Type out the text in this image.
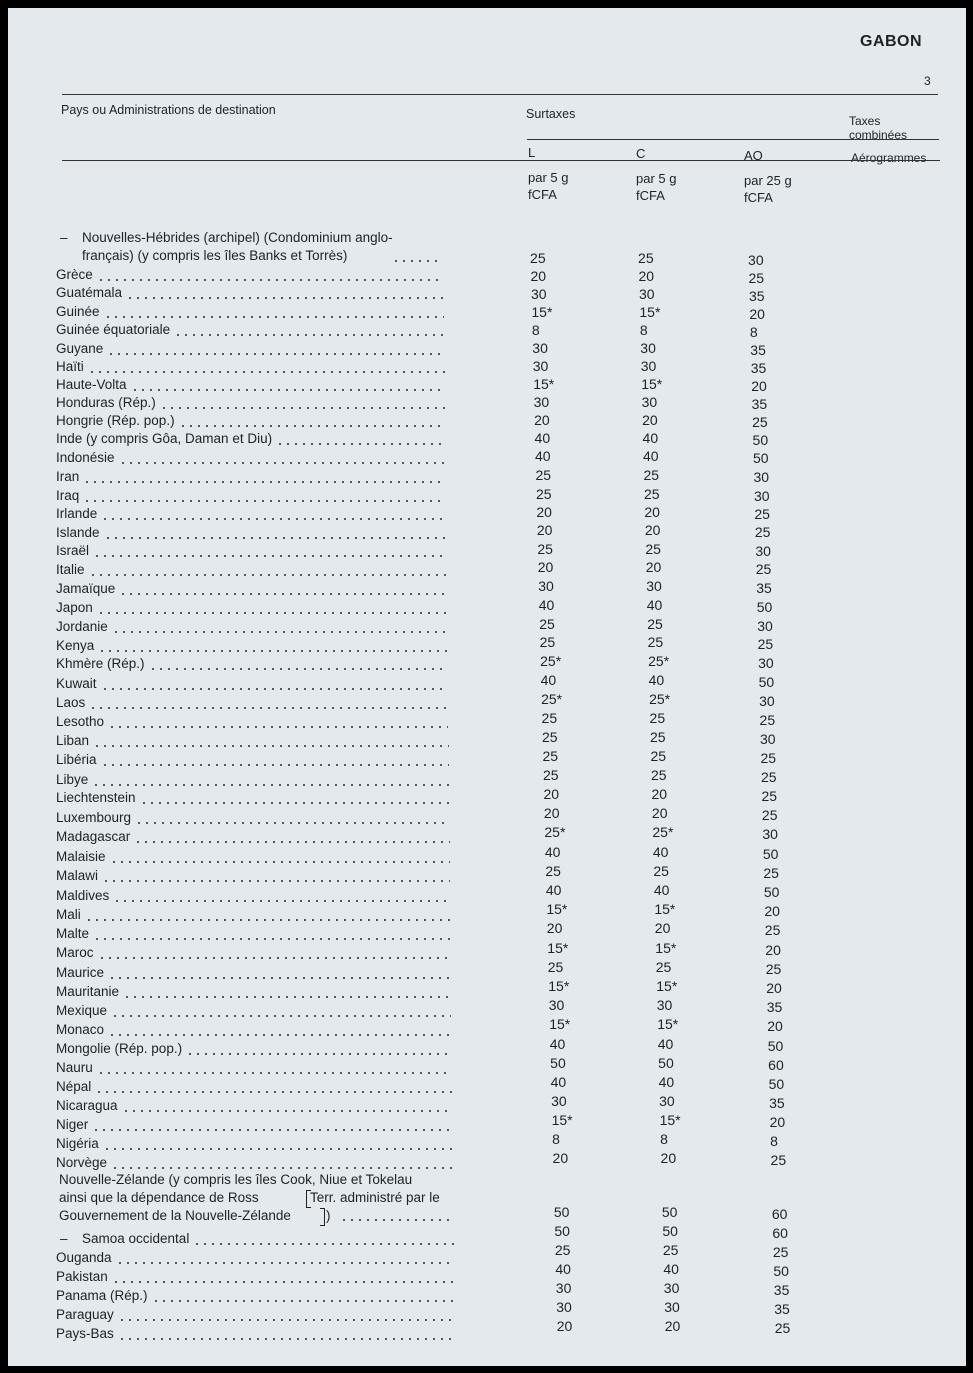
GABON
3
Pays ou Administrations de destination	Surtaxes	Taxes combinées
L	C	AO	Aérogrammes
par 5 g
fCFA
par 5 g
fCFA
par 25 g
fCFA
– Nouvelles-Hébrides (archipel) (Condominium anglo-
français) (y compris les îles Banks et Torrès)	25	25	30
Grèce	20	20	25
Guatémala	30	30	35
Guinée	15*	15*	20
Guinée équatoriale	8	8	8
Guyane	30	30	35
Haïti	30	30	35
Haute-Volta	15*	15*	20
Honduras (Rép.)	30	30	35
Hongrie (Rép. pop.)	20	20	25
Inde (y compris Gôa, Daman et Diu)	40	40	50
Indonésie	40	40	50
Iran	25	25	30
Iraq	25	25	30
Irlande	20	20	25
Islande	20	20	25
Israël	25	25	30
Italie	20	20	25
Jamaïque	30	30	35
Japon	40	40	50
Jordanie	25	25	30
Kenya	25	25	25
Khmère (Rép.)	25*	25*	30
Kuwait	40	40	50
Laos	25*	25*	30
Lesotho	25	25	25
Liban	25	25	30
Libéria	25	25	25
Libye	25	25	25
Liechtenstein	20	20	25
Luxembourg	20	20	25
Madagascar	25*	25*	30
Malaisie	40	40	50
Malawi	25	25	25
Maldives	40	40	50
Mali	15*	15*	20
Malte	20	20	25
Maroc	15*	15*	20
Maurice	25	25	25
Mauritanie	15*	15*	20
Mexique	30	30	35
Monaco	15*	15*	20
Mongolie (Rép. pop.)	40	40	50
Nauru	50	50	60
Népal	40	40	50
Nicaragua	30	30	35
Niger	15*	15*	20
Nigéria	8	8	8
Norvège	20	20	25
Nouvelle-Zélande (y compris les îles Cook, Niue et Tokelau
ainsi que la dépendance de Ross	Terr. administré par le
Gouvernement de la Nouvelle-Zélande	)	50	50	60
– Samoa occidental	50	50	60
Ouganda	25	25	25
Pakistan	40	40	50
Panama (Rép.)	30	30	35
Paraguay	30	30	35
Pays-Bas	20	20	25
